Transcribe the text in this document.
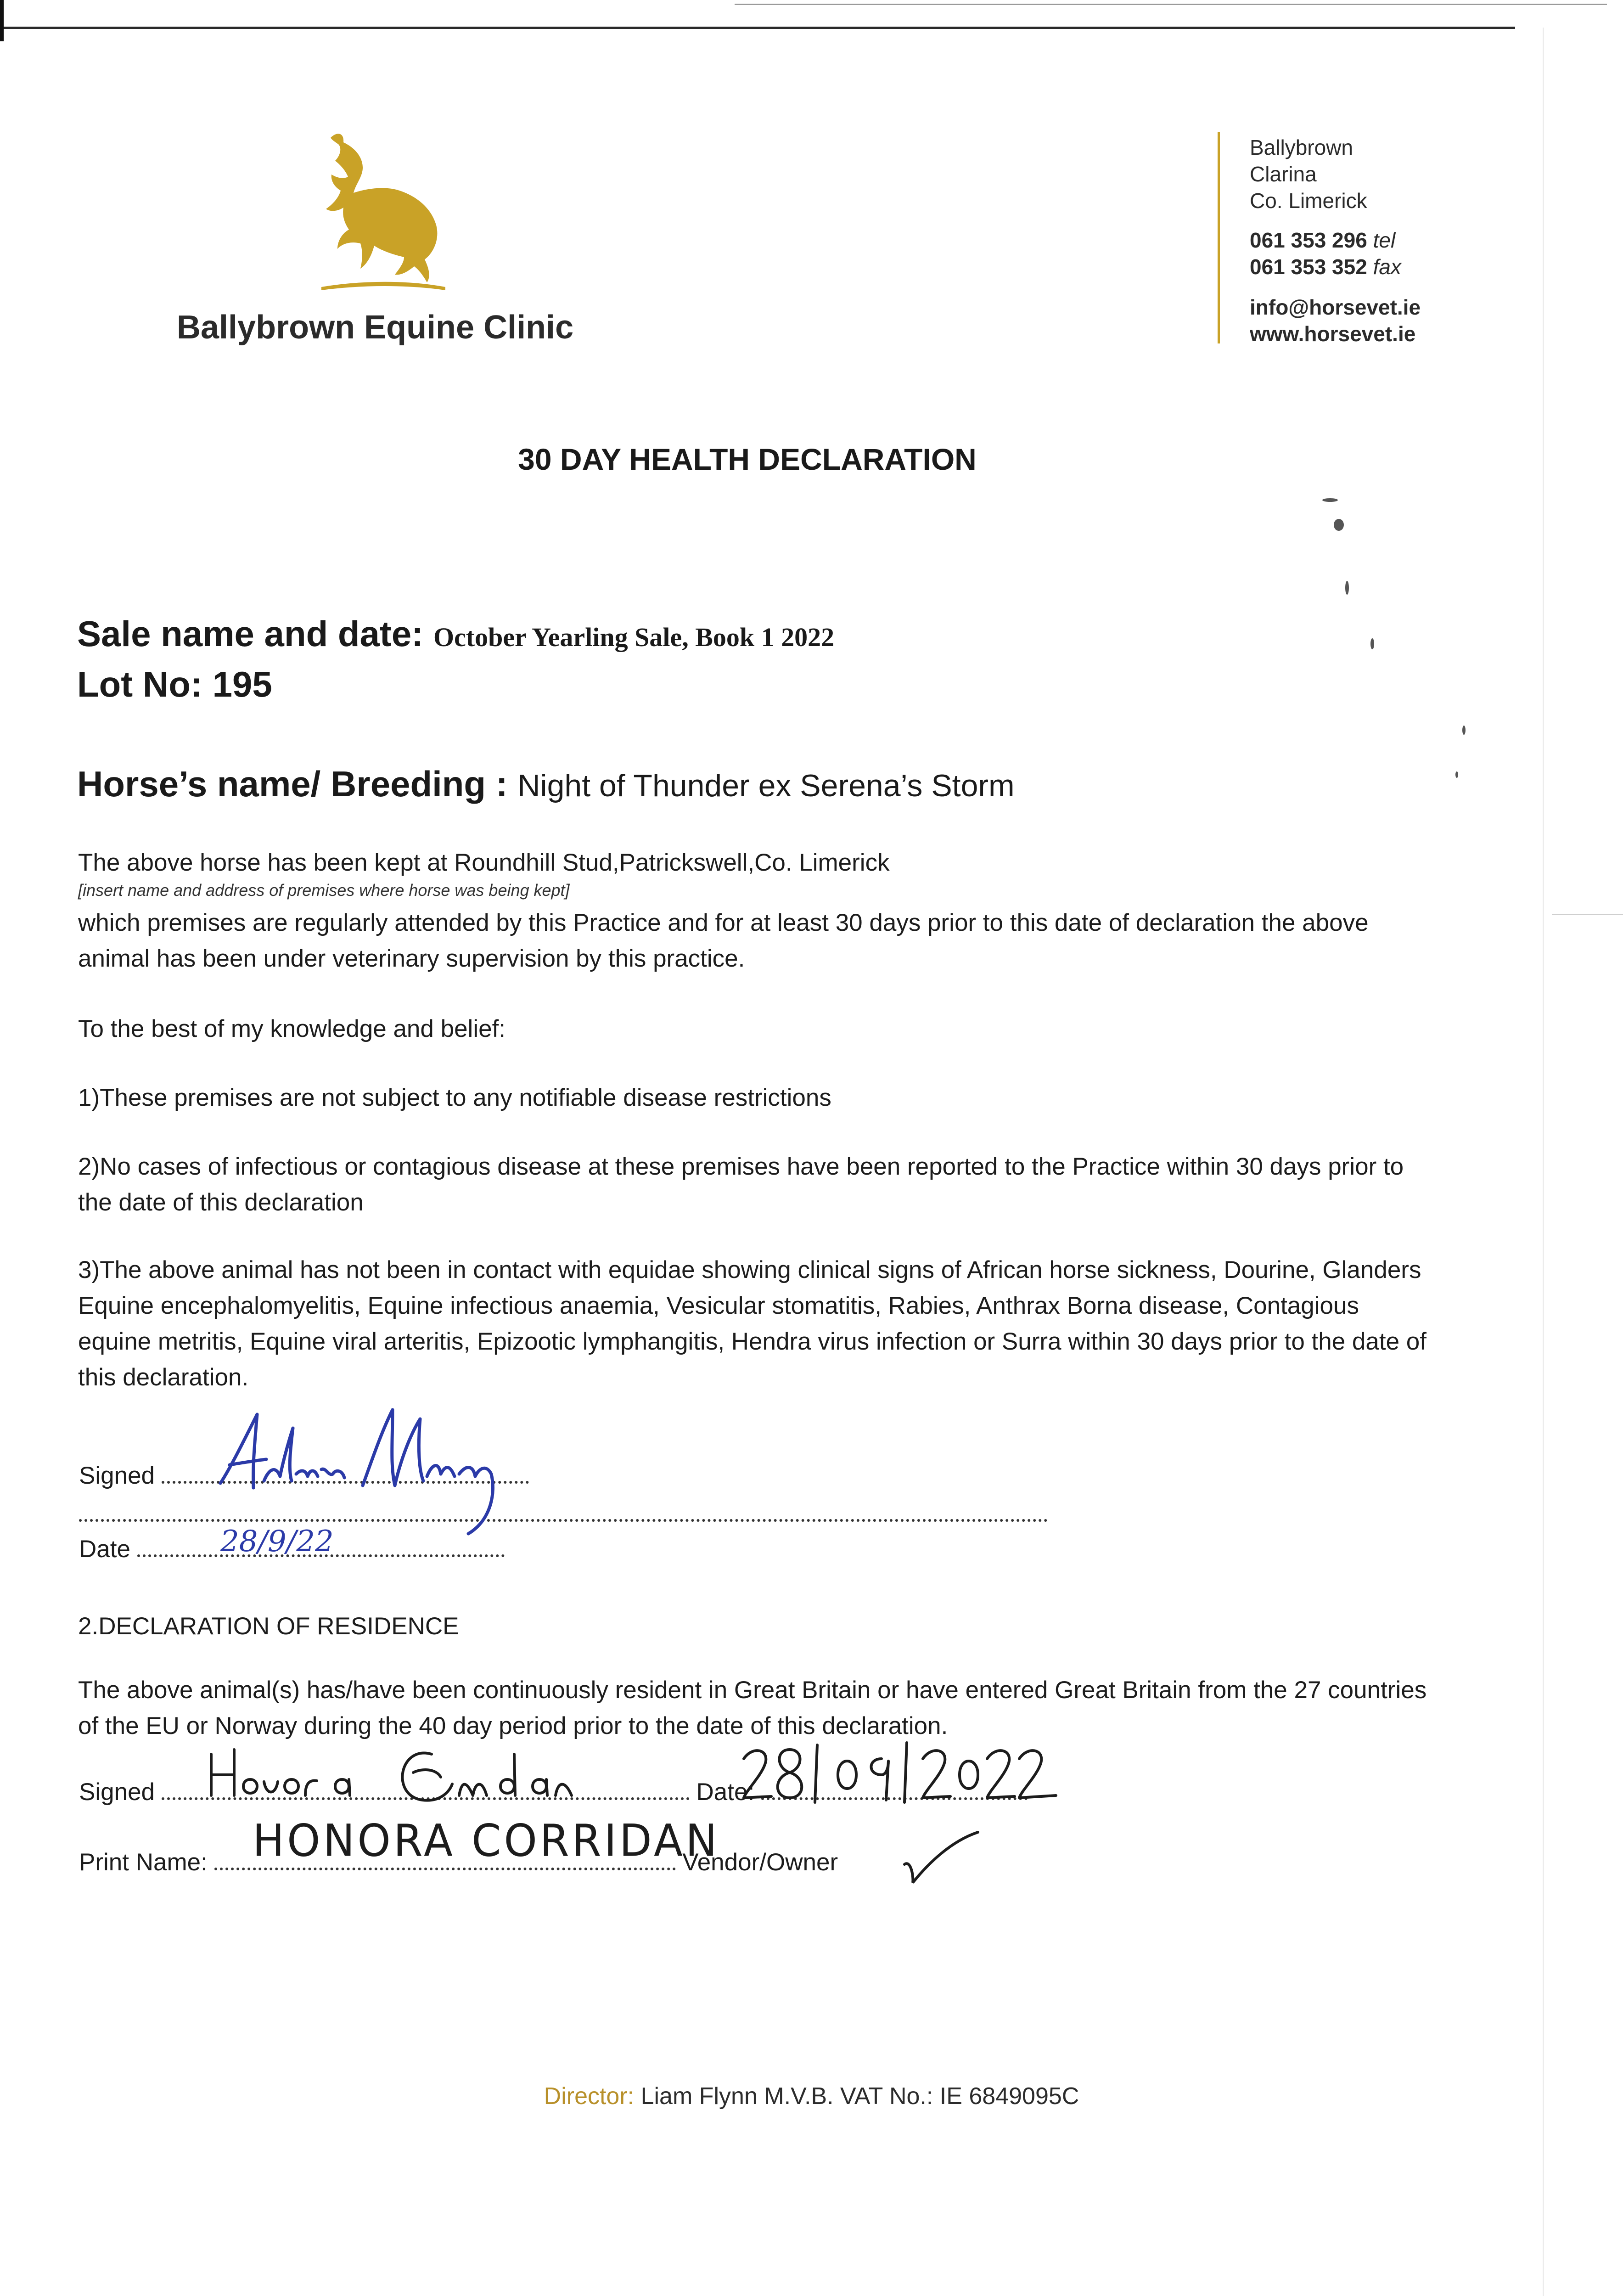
Ballybrown Equine Clinic
Ballybrown
Clarina
Co. Limerick
061 353 296 tel
061 353 352 fax
info@horsevet.ie
www.horsevet.ie
30 DAY HEALTH DECLARATION
Sale name and date: October Yearling Sale, Book 1 2022
Lot No: 195
Horse’s name/ Breeding : Night of Thunder ex Serena’s Storm
The above horse has been kept at Roundhill Stud,Patrickswell,Co. Limerick
[insert name and address of premises where horse was being kept]
which premises are regularly attended by this Practice and for at least 30 days prior to this date of declaration the above animal has been under veterinary supervision by this practice.
To the best of my knowledge and belief:
1)These premises are not subject to any notifiable disease restrictions
2)No cases of infectious or contagious disease at these premises have been reported to the Practice within 30 days prior to the date of this declaration
3)The above animal has not been in contact with equidae showing clinical signs of African horse sickness, Dourine, Glanders Equine encephalomyelitis, Equine infectious anaemia, Vesicular stomatitis, Rabies, Anthrax Borna disease, Contagious equine metritis, Equine viral arteritis, Epizootic lymphangitis, Hendra virus infection or Surra within 30 days prior to the date of this declaration.
Signed
Date	28/9/22
2.DECLARATION OF RESIDENCE
The above animal(s) has/have been continuously resident in Great Britain or have entered Great Britain from the 27 countries of the EU or Norway during the 40 day period prior to the date of this declaration.
Signed	Date:
Print Name:	Vendor/Owner
HONORA CORRIDAN
Director: Liam Flynn M.V.B. VAT No.: IE 6849095C
